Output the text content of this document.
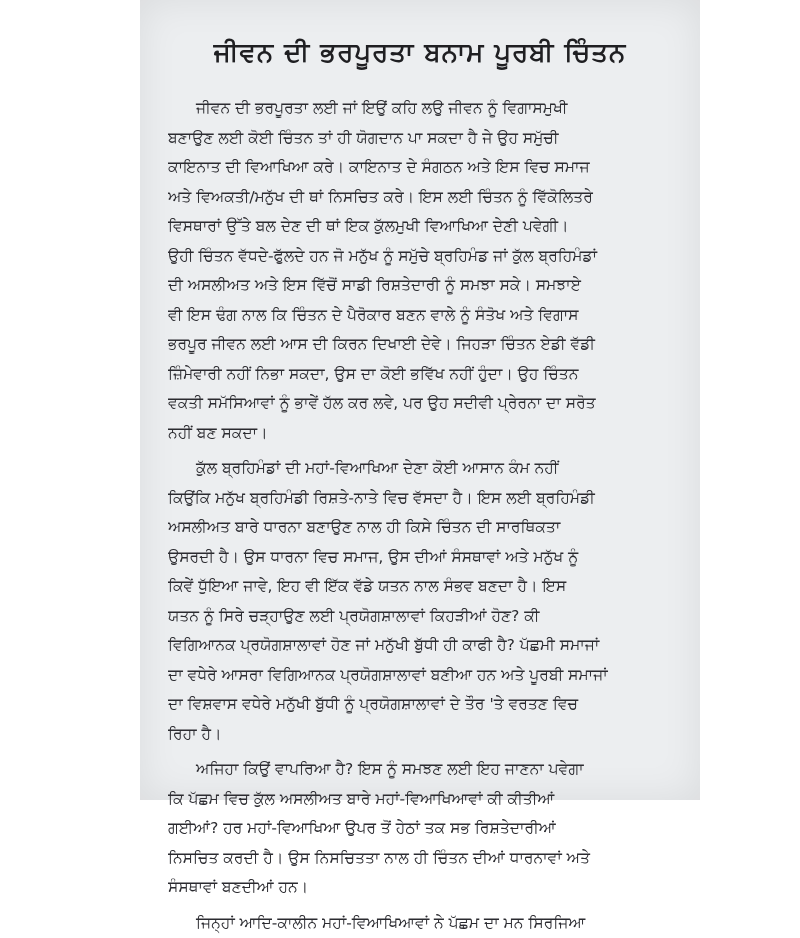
ਜੀਵਨ ਦੀ ਭਰਪੂਰਤਾ ਬਨਾਮ ਪੂਰਬੀ ਚਿੰਤਨ
ਜੀਵਨ ਦੀ ਭਰਪੂਰਤਾ ਲਈ ਜਾਂ ਇਉਂ ਕਹਿ ਲਉ ਜੀਵਨ ਨੂੰ ਵਿਗਾਸਮੁਖੀ
ਬਣਾਉਣ ਲਈ ਕੋਈ ਚਿੰਤਨ ਤਾਂ ਹੀ ਯੋਗਦਾਨ ਪਾ ਸਕਦਾ ਹੈ ਜੇ ਉਹ ਸਮੁੱਚੀ
ਕਾਇਨਾਤ ਦੀ ਵਿਆਖਿਆ ਕਰੇ। ਕਾਇਨਾਤ ਦੇ ਸੰਗਠਨ ਅਤੇ ਇਸ ਵਿਚ ਸਮਾਜ
ਅਤੇ ਵਿਅਕਤੀ/ਮਨੁੱਖ ਦੀ ਥਾਂ ਨਿਸਚਿਤ ਕਰੇ। ਇਸ ਲਈ ਚਿੰਤਨ ਨੂੰ ਵਿੱਕੋਲਿਤਰੇ
ਵਿਸਥਾਰਾਂ ਉੱਤੇ ਬਲ ਦੇਣ ਦੀ ਥਾਂ ਇਕ ਕੁੱਲਮੁਖੀ ਵਿਆਖਿਆ ਦੇਣੀ ਪਵੇਗੀ।
ਉਹੀ ਚਿੰਤਨ ਵੱਧਦੇ-ਫੁੱਲਦੇ ਹਨ ਜੋ ਮਨੁੱਖ ਨੂੰ ਸਮੁੱਚੇ ਬ੍ਰਹਿਮੰਡ ਜਾਂ ਕੁੱਲ ਬ੍ਰਹਿਮੰਡਾਂ
ਦੀ ਅਸਲੀਅਤ ਅਤੇ ਇਸ ਵਿੱਚੋਂ ਸਾਡੀ ਰਿਸ਼ਤੇਦਾਰੀ ਨੂੰ ਸਮਝਾ ਸਕੇ। ਸਮਝਾਏ
ਵੀ ਇਸ ਢੰਗ ਨਾਲ ਕਿ ਚਿੰਤਨ ਦੇ ਪੈਰੋਕਾਰ ਬਣਨ ਵਾਲੇ ਨੂੰ ਸੰਤੋਖ ਅਤੇ ਵਿਗਾਸ
ਭਰਪੂਰ ਜੀਵਨ ਲਈ ਆਸ ਦੀ ਕਿਰਨ ਦਿਖਾਈ ਦੇਵੇ। ਜਿਹੜਾ ਚਿੰਤਨ ਏਡੀ ਵੱਡੀ
ਜ਼ਿੰਮੇਵਾਰੀ ਨਹੀਂ ਨਿਭਾ ਸਕਦਾ, ਉਸ ਦਾ ਕੋਈ ਭਵਿੱਖ ਨਹੀਂ ਹੁੰਦਾ। ਉਹ ਚਿੰਤਨ
ਵਕਤੀ ਸਮੱਸਿਆਵਾਂ ਨੂੰ ਭਾਵੇਂ ਹੱਲ ਕਰ ਲਵੇ, ਪਰ ਉਹ ਸਦੀਵੀ ਪ੍ਰੇਰਨਾ ਦਾ ਸਰੋਤ
ਨਹੀਂ ਬਣ ਸਕਦਾ।
ਕੁੱਲ ਬ੍ਰਹਿਮੰਡਾਂ ਦੀ ਮਹਾਂ-ਵਿਆਖਿਆ ਦੇਣਾ ਕੋਈ ਆਸਾਨ ਕੰਮ ਨਹੀਂ
ਕਿਉਂਕਿ ਮਨੁੱਖ ਬ੍ਰਹਿਮੰਡੀ ਰਿਸ਼ਤੇ-ਨਾਤੇ ਵਿਚ ਵੱਸਦਾ ਹੈ। ਇਸ ਲਈ ਬ੍ਰਹਿਮੰਡੀ
ਅਸਲੀਅਤ ਬਾਰੇ ਧਾਰਨਾ ਬਣਾਉਣ ਨਾਲ ਹੀ ਕਿਸੇ ਚਿੰਤਨ ਦੀ ਸਾਰਥਿਕਤਾ
ਉਸਰਦੀ ਹੈ। ਉਸ ਧਾਰਨਾ ਵਿਚ ਸਮਾਜ, ਉਸ ਦੀਆਂ ਸੰਸਥਾਵਾਂ ਅਤੇ ਮਨੁੱਖ ਨੂੰ
ਕਿਵੇਂ ਧੁੱਇਆ ਜਾਵੇ, ਇਹ ਵੀ ਇੱਕ ਵੱਡੇ ਯਤਨ ਨਾਲ ਸੰਭਵ ਬਣਦਾ ਹੈ। ਇਸ
ਯਤਨ ਨੂੰ ਸਿਰੇ ਚੜ੍ਹਾਉਣ ਲਈ ਪ੍ਰਯੋਗਸ਼ਾਲਾਵਾਂ ਕਿਹੜੀਆਂ ਹੋਣ? ਕੀ
ਵਿਗਿਆਨਕ ਪ੍ਰਯੋਗਸ਼ਾਲਾਵਾਂ ਹੋਣ ਜਾਂ ਮਨੁੱਖੀ ਬੁੱਧੀ ਹੀ ਕਾਫੀ ਹੈ? ਪੱਛਮੀ ਸਮਾਜਾਂ
ਦਾ ਵਧੇਰੇ ਆਸਰਾ ਵਿਗਿਆਨਕ ਪ੍ਰਯੋਗਸ਼ਾਲਾਵਾਂ ਬਣੀਆ ਹਨ ਅਤੇ ਪੂਰਬੀ ਸਮਾਜਾਂ
ਦਾ ਵਿਸ਼ਵਾਸ ਵਧੇਰੇ ਮਨੁੱਖੀ ਬੁੱਧੀ ਨੂੰ ਪ੍ਰਯੋਗਸ਼ਾਲਾਵਾਂ ਦੇ ਤੌਰ 'ਤੇ ਵਰਤਣ ਵਿਚ
ਰਿਹਾ ਹੈ।
ਅਜਿਹਾ ਕਿਉਂ ਵਾਪਰਿਆ ਹੈ? ਇਸ ਨੂੰ ਸਮਝਣ ਲਈ ਇਹ ਜਾਣਨਾ ਪਵੇਗਾ
ਕਿ ਪੱਛਮ ਵਿਚ ਕੁੱਲ ਅਸਲੀਅਤ ਬਾਰੇ ਮਹਾਂ-ਵਿਆਖਿਆਵਾਂ ਕੀ ਕੀਤੀਆਂ
ਗਈਆਂ? ਹਰ ਮਹਾਂ-ਵਿਆਖਿਆ ਉਪਰ ਤੋਂ ਹੇਠਾਂ ਤਕ ਸਭ ਰਿਸ਼ਤੇਦਾਰੀਆਂ
ਨਿਸਚਿਤ ਕਰਦੀ ਹੈ। ਉਸ ਨਿਸਚਿਤਤਾ ਨਾਲ ਹੀ ਚਿੰਤਨ ਦੀਆਂ ਧਾਰਨਾਵਾਂ ਅਤੇ
ਸੰਸਥਾਵਾਂ ਬਣਦੀਆਂ ਹਨ।
ਜਿਨ੍ਹਾਂ ਆਦਿ-ਕਾਲੀਨ ਮਹਾਂ-ਵਿਆਖਿਆਵਾਂ ਨੇ ਪੱਛਮ ਦਾ ਮਨ ਸਿਰਜਿਆ
